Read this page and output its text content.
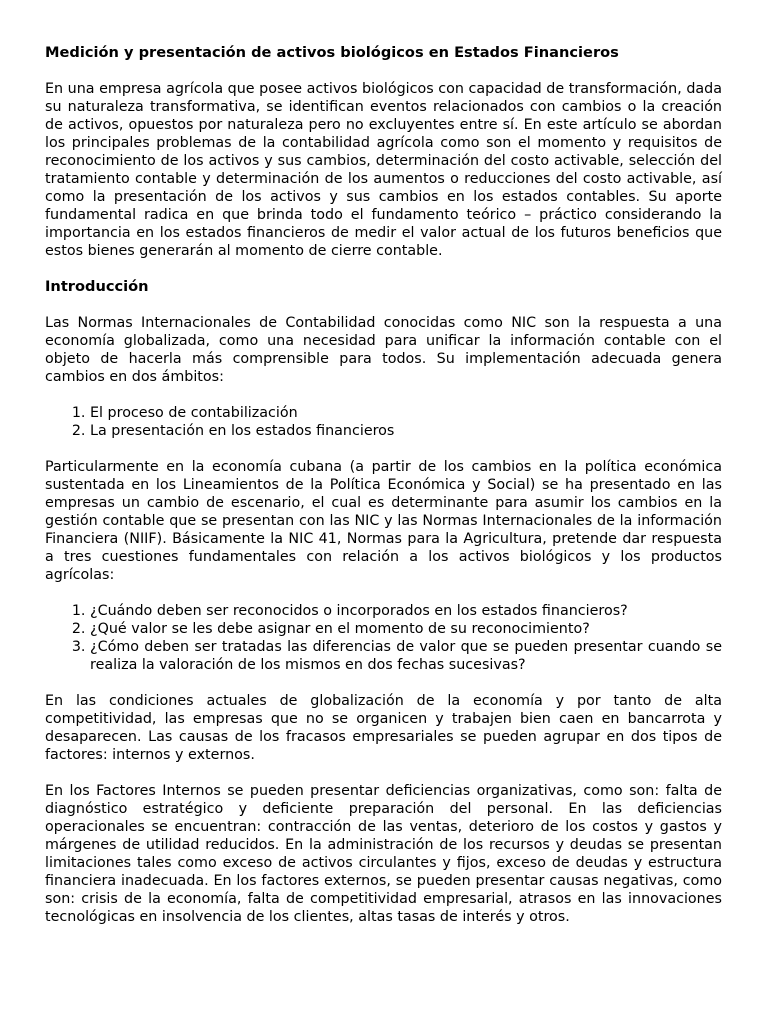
Medición y presentación de activos biológicos en Estados Financieros

En una empresa agrícola que posee activos biológicos con capacidad de transformación, dada su naturaleza transformativa, se identifican eventos relacionados con cambios o la creación de activos, opuestos por naturaleza pero no excluyentes entre sí. En este artículo se abordan los principales problemas de la contabilidad agrícola como son el momento y requisitos de reconocimiento de los activos y sus cambios, determinación del costo activable, selección del tratamiento contable y determinación de los aumentos o reducciones del costo activable, así como la presentación de los activos y sus cambios en los estados contables. Su aporte fundamental radica en que brinda todo el fundamento teórico – práctico considerando la importancia en los estados financieros de medir el valor actual de los futuros beneficios que estos bienes generarán al momento de cierre contable.

Introducción

Las Normas Internacionales de Contabilidad conocidas como NIC son la respuesta a una economía globalizada, como una necesidad para unificar la información contable con el objeto de hacerla más comprensible para todos. Su implementación adecuada genera cambios en dos ámbitos:

1. El proceso de contabilización
2. La presentación en los estados financieros

Particularmente en la economía cubana (a partir de los cambios en la política económica sustentada en los Lineamientos de la Política Económica y Social) se ha presentado en las empresas un cambio de escenario, el cual es determinante para asumir los cambios en la gestión contable que se presentan con las NIC y las Normas Internacionales de la información Financiera (NIIF). Básicamente la NIC 41, Normas para la Agricultura, pretende dar respuesta a tres cuestiones fundamentales con relación a los activos biológicos y los productos agrícolas:

1. ¿Cuándo deben ser reconocidos o incorporados en los estados financieros?
2. ¿Qué valor se les debe asignar en el momento de su reconocimiento?
3. ¿Cómo deben ser tratadas las diferencias de valor que se pueden presentar cuando se realiza la valoración de los mismos en dos fechas sucesivas?

En las condiciones actuales de globalización de la economía y por tanto de alta competitividad, las empresas que no se organicen y trabajen bien caen en bancarrota y desaparecen. Las causas de los fracasos empresariales se pueden agrupar en dos tipos de factores: internos y externos.

En los Factores Internos se pueden presentar deficiencias organizativas, como son: falta de diagnóstico estratégico y deficiente preparación del personal. En las deficiencias operacionales se encuentran: contracción de las ventas, deterioro de los costos y gastos y márgenes de utilidad reducidos. En la administración de los recursos y deudas se presentan limitaciones tales como exceso de activos circulantes y fijos, exceso de deudas y estructura financiera inadecuada. En los factores externos, se pueden presentar causas negativas, como son: crisis de la economía, falta de competitividad empresarial, atrasos en las innovaciones tecnológicas en insolvencia de los clientes, altas tasas de interés y otros.
